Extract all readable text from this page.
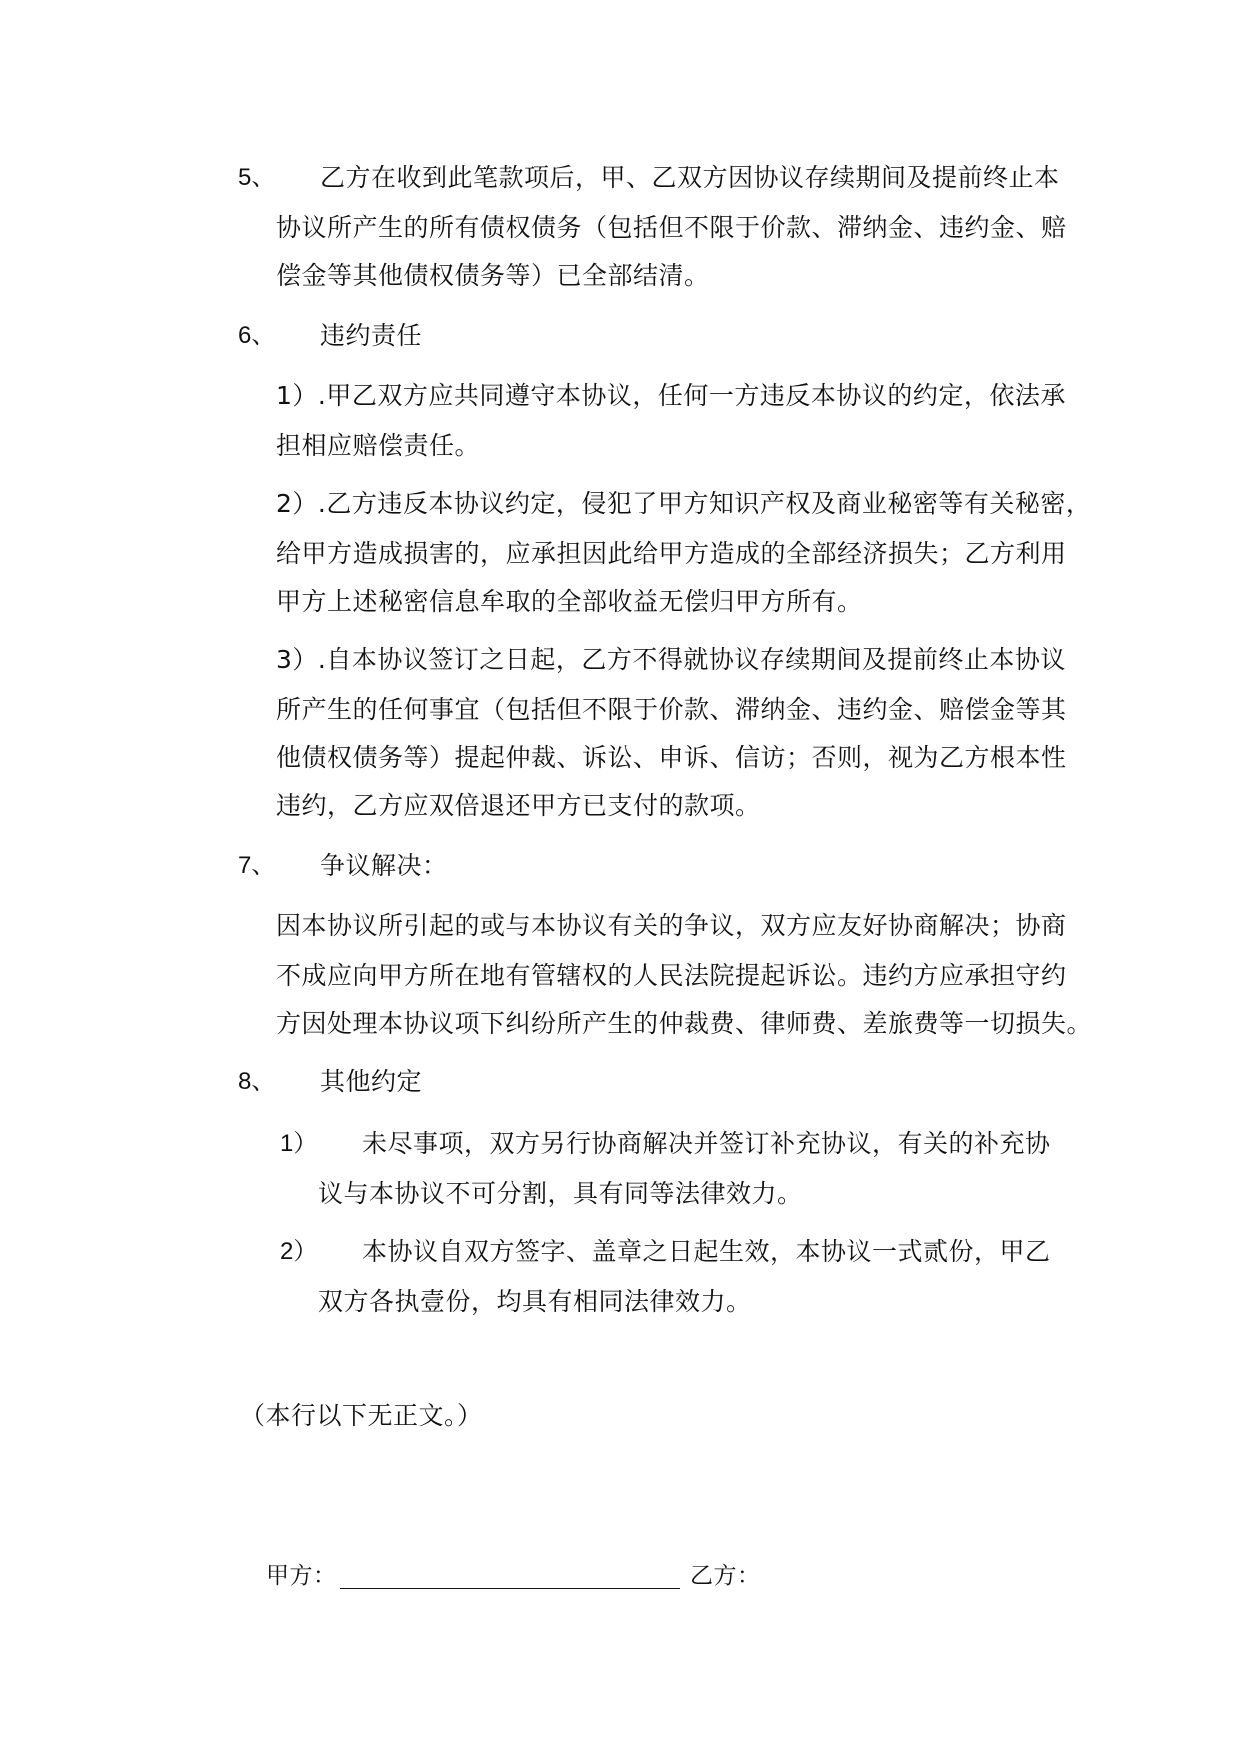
5、 乙方在收到此笔款项后，甲、乙双方因协议存续期间及提前终止本
协议所产生的所有债权债务（包括但不限于价款、滞纳金、违约金、赔
偿金等其他债权债务等）已全部结清。
6、 违约责任
1）.甲乙双方应共同遵守本协议，任何一方违反本协议的约定，依法承
担相应赔偿责任。
2）.乙方违反本协议约定，侵犯了甲方知识产权及商业秘密等有关秘密，
给甲方造成损害的，应承担因此给甲方造成的全部经济损失；乙方利用
甲方上述秘密信息牟取的全部收益无偿归甲方所有。
3）.自本协议签订之日起，乙方不得就协议存续期间及提前终止本协议
所产生的任何事宜（包括但不限于价款、滞纳金、违约金、赔偿金等其
他债权债务等）提起仲裁、诉讼、申诉、信访；否则，视为乙方根本性
违约，乙方应双倍退还甲方已支付的款项。
7、 争议解决：
因本协议所引起的或与本协议有关的争议，双方应友好协商解决；协商
不成应向甲方所在地有管辖权的人民法院提起诉讼。违约方应承担守约
方因处理本协议项下纠纷所产生的仲裁费、律师费、差旅费等一切损失。
8、 其他约定
1） 未尽事项，双方另行协商解决并签订补充协议，有关的补充协
议与本协议不可分割，具有同等法律效力。
2） 本协议自双方签字、盖章之日起生效，本协议一式贰份，甲乙
双方各执壹份，均具有相同法律效力。
（本行以下无正文。）
甲方：	乙方：
